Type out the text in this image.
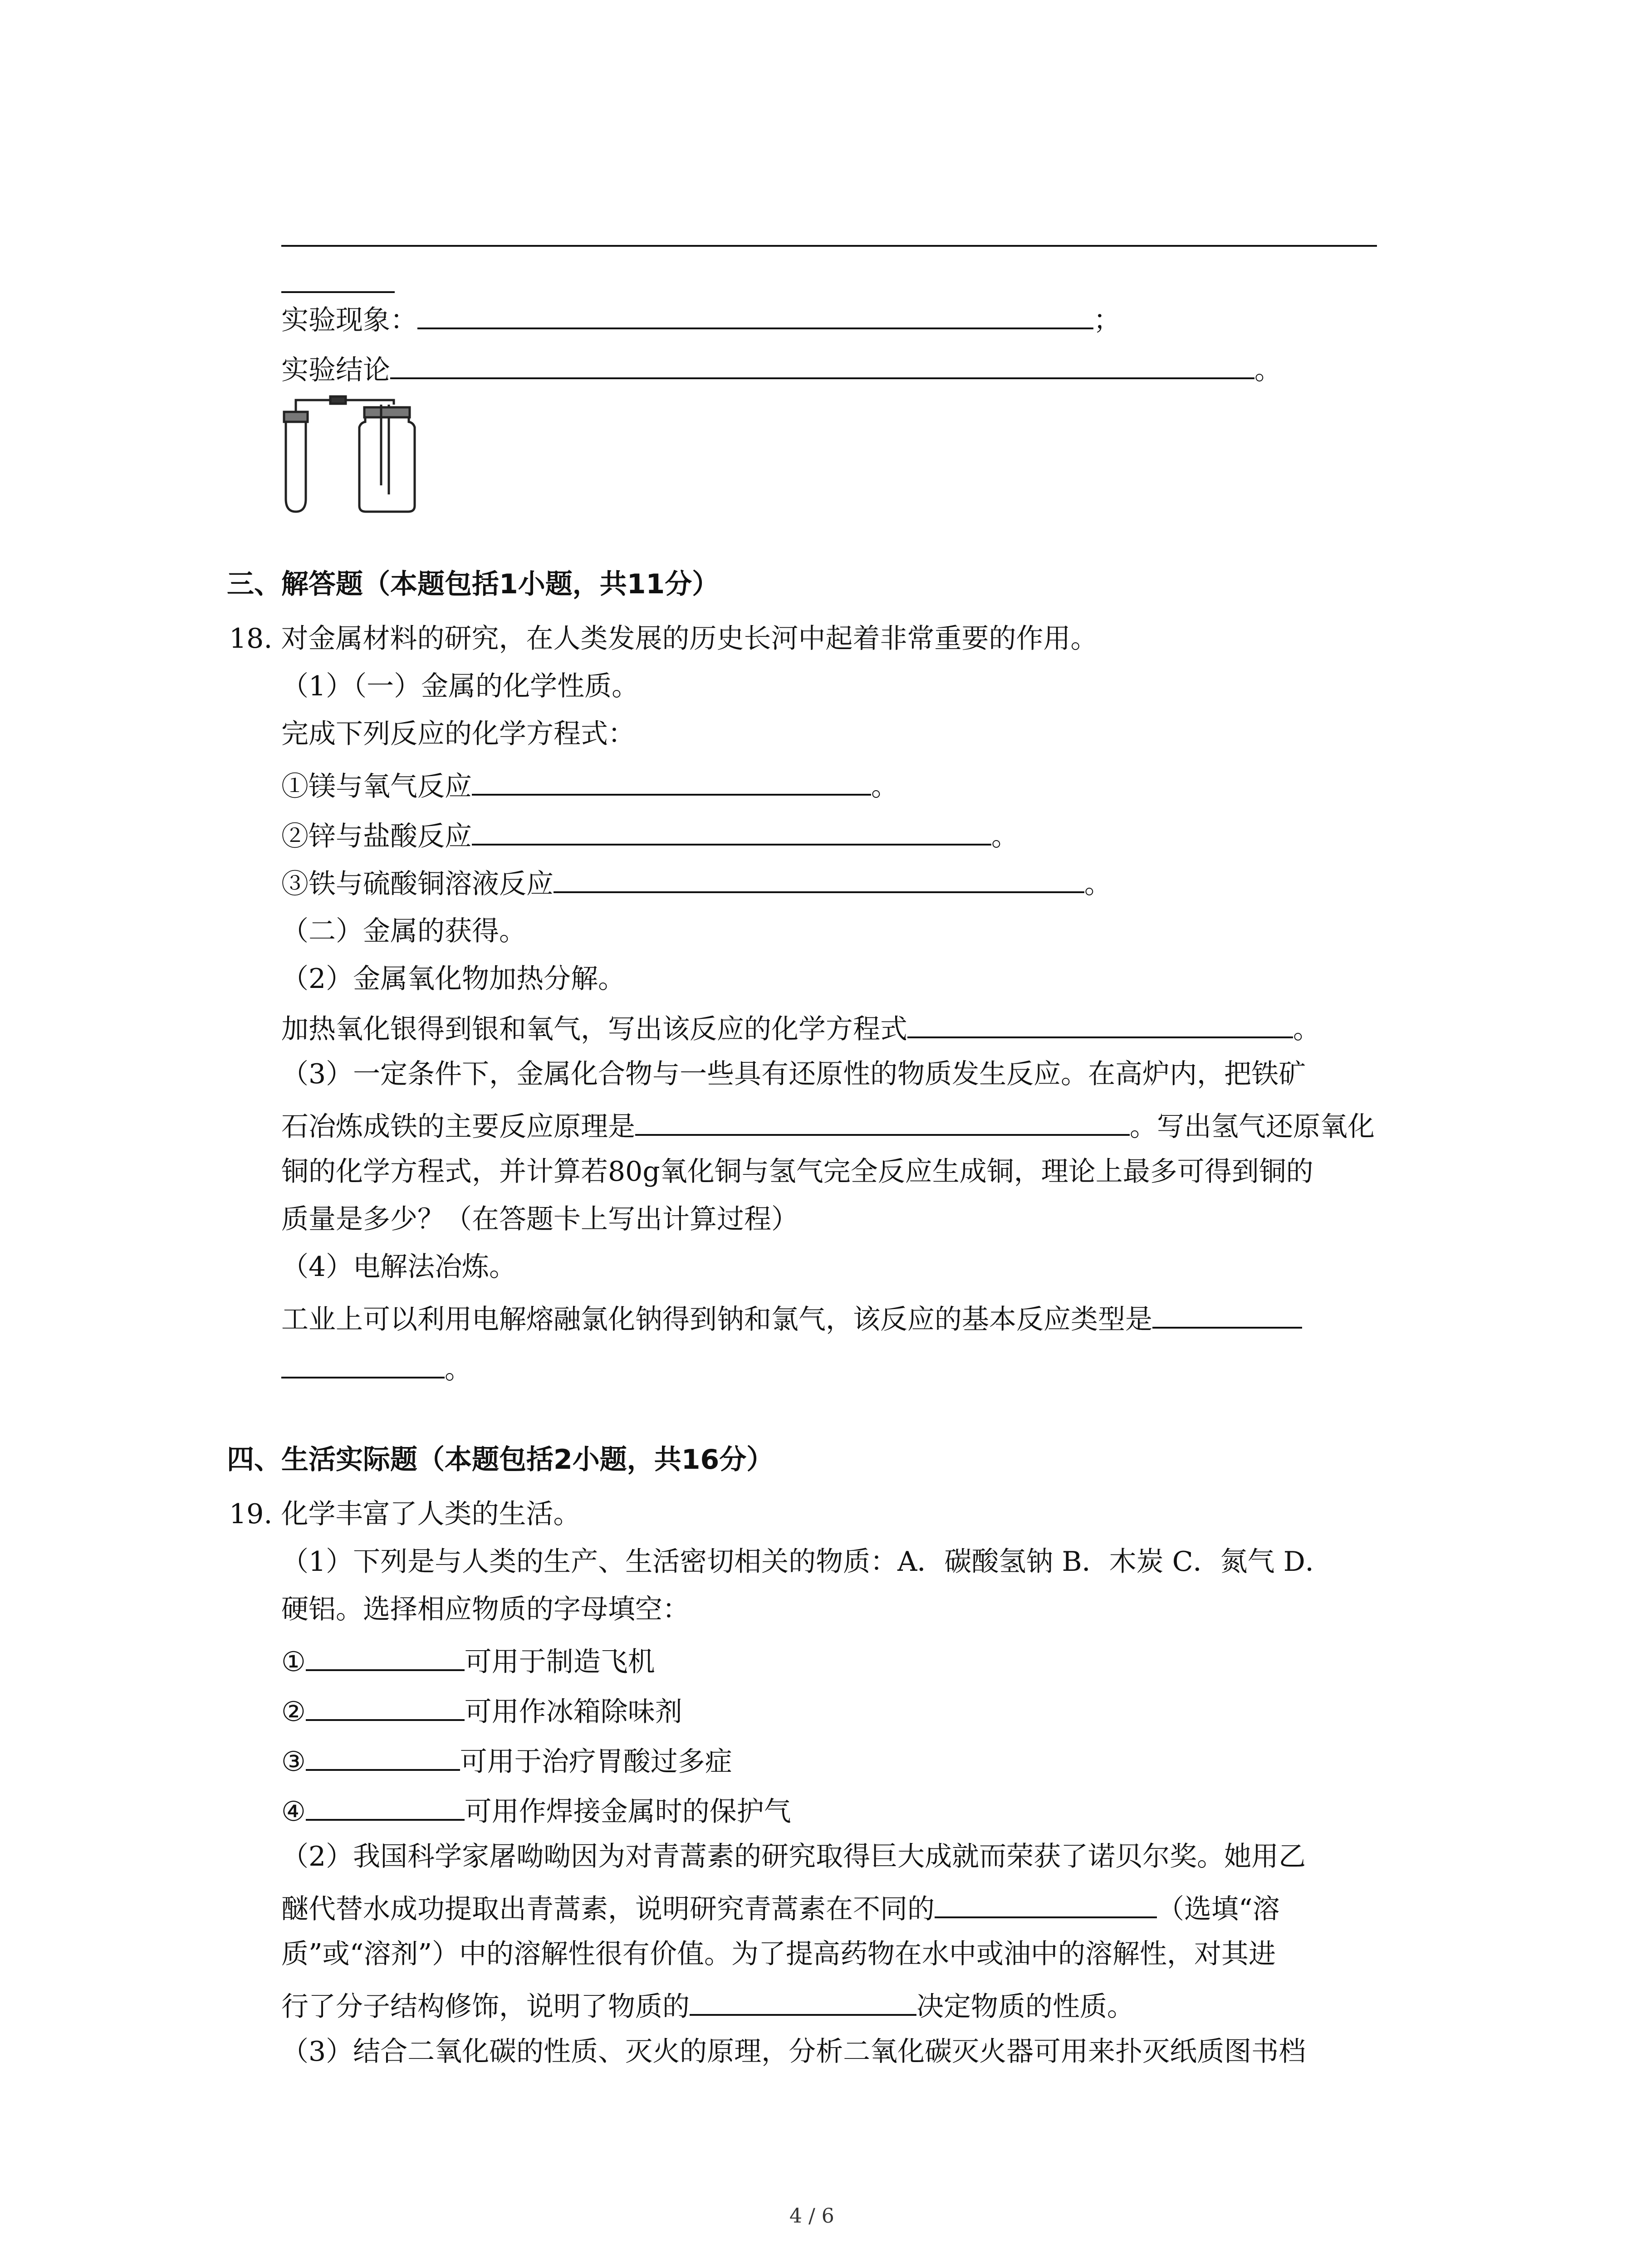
实验现象：	；
实验结论	。
三、解答题（本题包括1小题，共11分）
18. 对金属材料的研究，在人类发展的历史长河中起着非常重要的作用。
（1）（一）金属的化学性质。
完成下列反应的化学方程式：
①镁与氧气反应	。
②锌与盐酸反应	。
③铁与硫酸铜溶液反应	。
（二）金属的获得。
（2）金属氧化物加热分解。
加热氧化银得到银和氧气，写出该反应的化学方程式	。
（3）一定条件下，金属化合物与一些具有还原性的物质发生反应。在高炉内，把铁矿
石冶炼成铁的主要反应原理是	。写出氢气还原氧化
铜的化学方程式，并计算若80g氧化铜与氢气完全反应生成铜，理论上最多可得到铜的
质量是多少？（在答题卡上写出计算过程）
（4）电解法冶炼。
工业上可以利用电解熔融氯化钠得到钠和氯气，该反应的基本反应类型是
。
四、生活实际题（本题包括2小题，共16分）
19. 化学丰富了人类的生活。
（1）下列是与人类的生产、生活密切相关的物质：A．碳酸氢钠 B．木炭 C．氮气 D．
硬铝。选择相应物质的字母填空：
①	可用于制造飞机
②	可用作冰箱除味剂
③	可用于治疗胃酸过多症
④	可用作焊接金属时的保护气
（2）我国科学家屠呦呦因为对青蒿素的研究取得巨大成就而荣获了诺贝尔奖。她用乙
醚代替水成功提取出青蒿素，说明研究青蒿素在不同的	（选填“溶
质”或“溶剂”）中的溶解性很有价值。为了提高药物在水中或油中的溶解性，对其进
行了分子结构修饰，说明了物质的	决定物质的性质。
（3）结合二氧化碳的性质、灭火的原理，分析二氧化碳灭火器可用来扑灭纸质图书档
4 / 6
